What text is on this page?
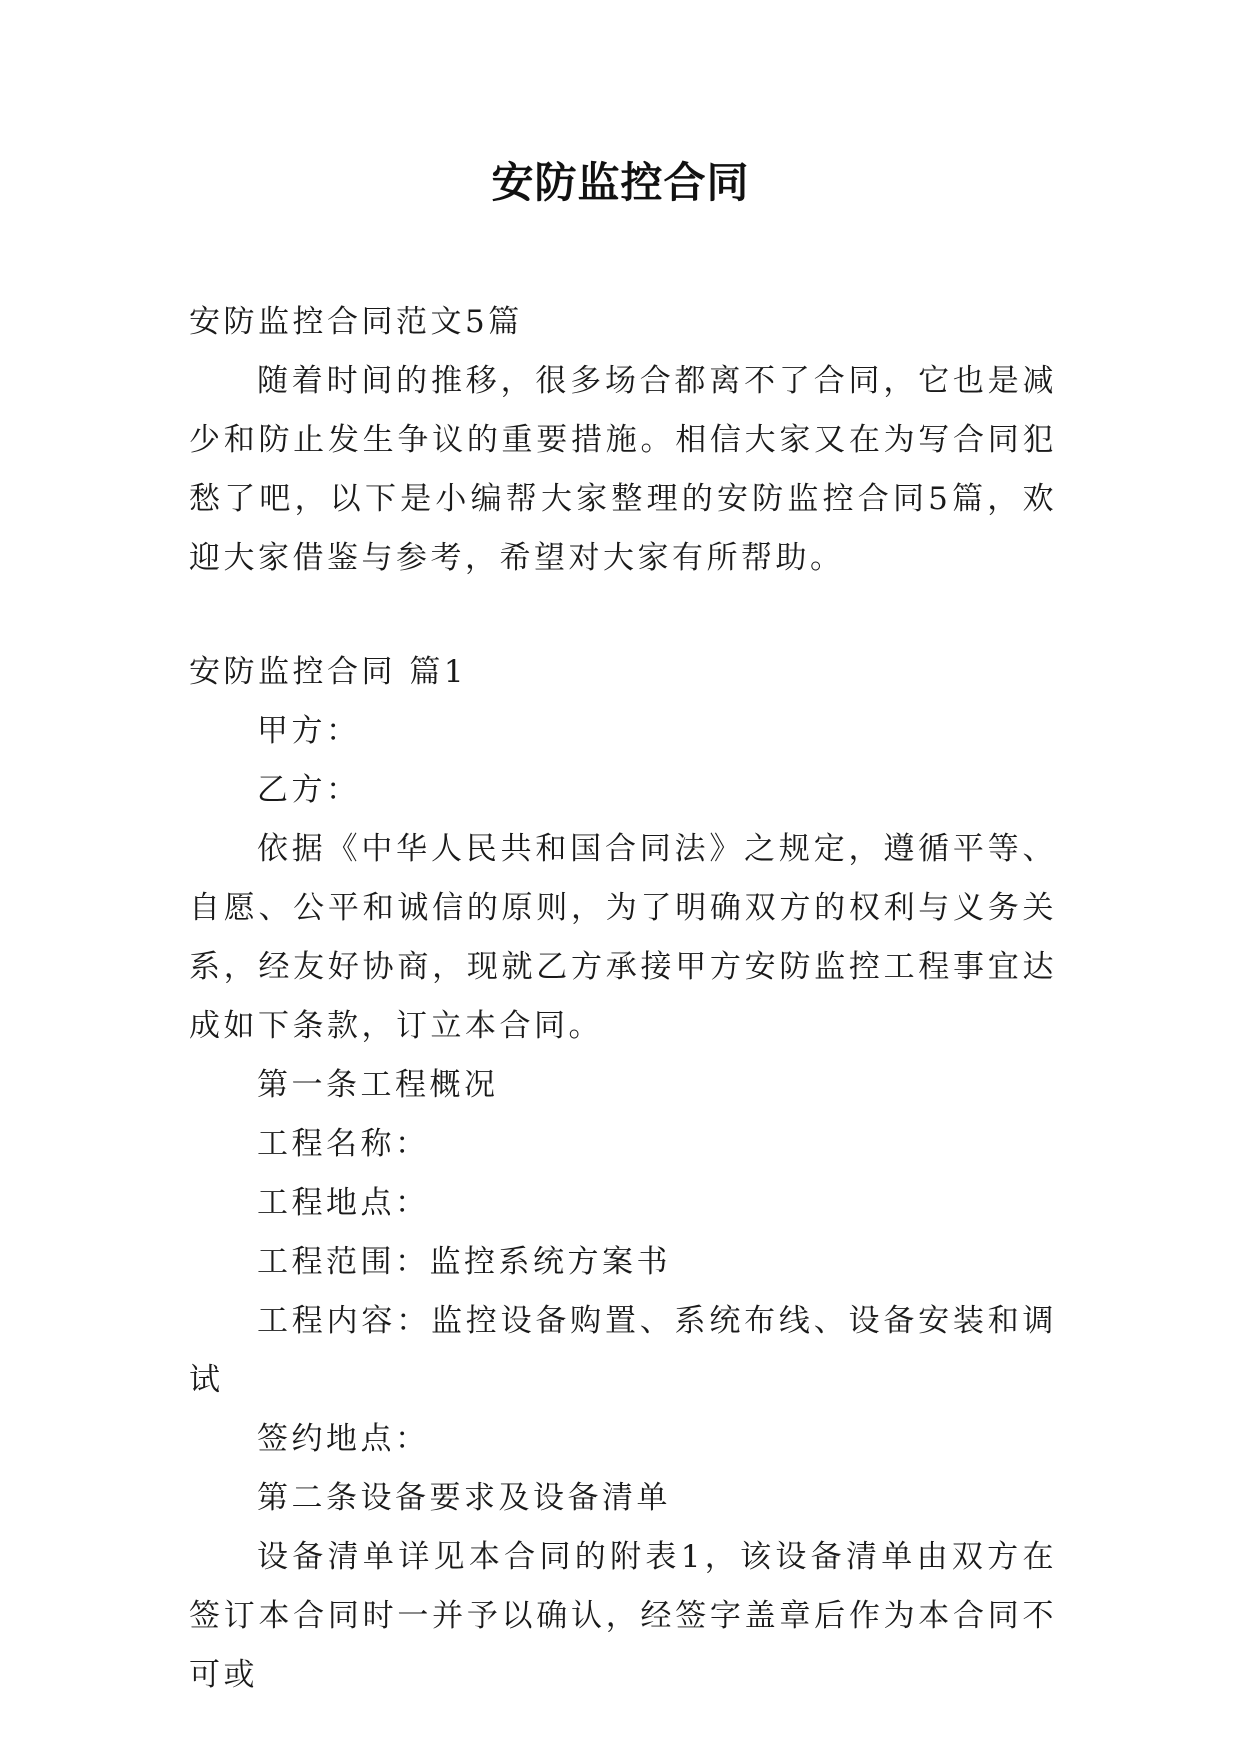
安防监控合同

安防监控合同范文5篇

随着时间的推移，很多场合都离不了合同，它也是减少和防止发生争议的重要措施。相信大家又在为写合同犯愁了吧，以下是小编帮大家整理的安防监控合同5篇，欢迎大家借鉴与参考，希望对大家有所帮助。

安防监控合同 篇1

甲方：

乙方：

依据《中华人民共和国合同法》之规定，遵循平等、自愿、公平和诚信的原则，为了明确双方的权利与义务关系，经友好协商，现就乙方承接甲方安防监控工程事宜达成如下条款，订立本合同。

第一条工程概况

工程名称：

工程地点：

工程范围：监控系统方案书

工程内容：监控设备购置、系统布线、设备安装和调试

签约地点：

第二条设备要求及设备清单

设备清单详见本合同的附表1，该设备清单由双方在签订本合同时一并予以确认，经签字盖章后作为本合同不可或
